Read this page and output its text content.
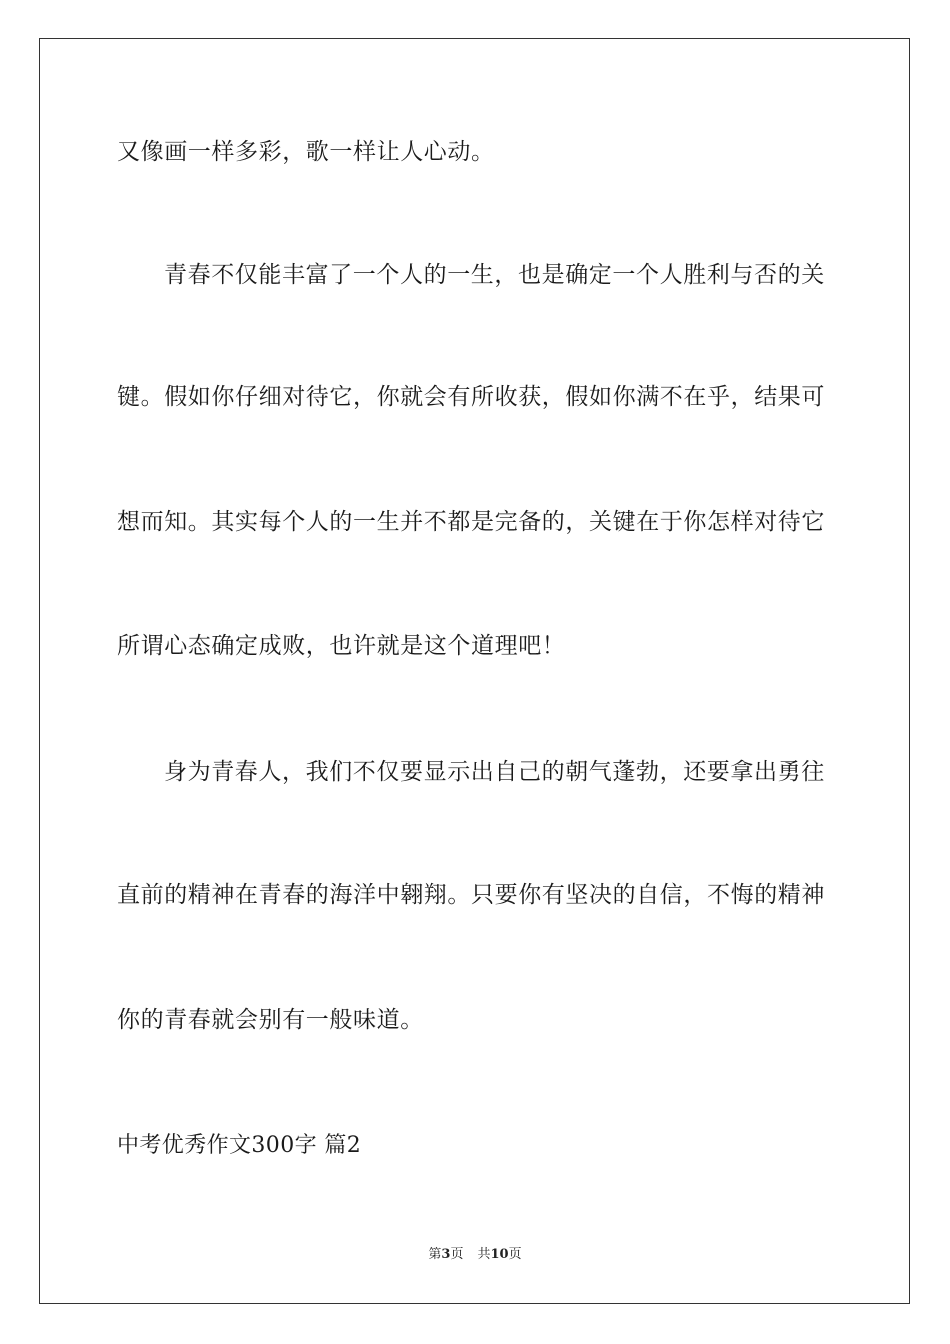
又像画一样多彩，歌一样让人心动。
青春不仅能丰富了一个人的一生，也是确定一个人胜利与否的关
键。假如你仔细对待它，你就会有所收获，假如你满不在乎，结果可
想而知。其实每个人的一生并不都是完备的，关键在于你怎样对待它
所谓心态确定成败，也许就是这个道理吧！
身为青春人，我们不仅要显示出自己的朝气蓬勃，还要拿出勇往
直前的精神在青春的海洋中翱翔。只要你有坚决的自信，不悔的精神
你的青春就会别有一般味道。
中考优秀作文300字 篇2
第3页 共10页
